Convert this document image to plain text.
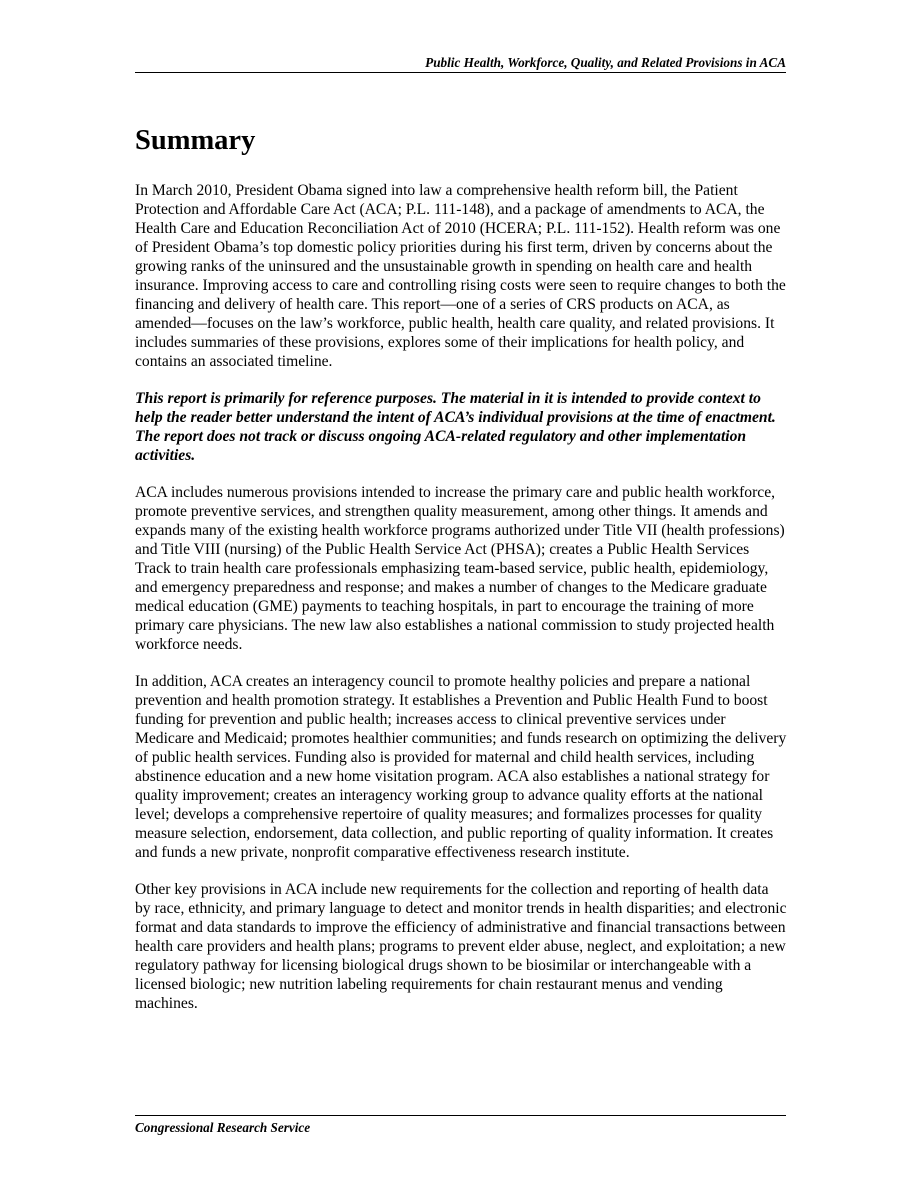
Public Health, Workforce, Quality, and Related Provisions in ACA
Summary

In March 2010, President Obama signed into law a comprehensive health reform bill, the Patient Protection and Affordable Care Act (ACA; P.L. 111-148), and a package of amendments to ACA, the Health Care and Education Reconciliation Act of 2010 (HCERA; P.L. 111-152). Health reform was one of President Obama’s top domestic policy priorities during his first term, driven by concerns about the growing ranks of the uninsured and the unsustainable growth in spending on health care and health insurance. Improving access to care and controlling rising costs were seen to require changes to both the financing and delivery of health care. This report—one of a series of CRS products on ACA, as amended—focuses on the law’s workforce, public health, health care quality, and related provisions. It includes summaries of these provisions, explores some of their implications for health policy, and contains an associated timeline.

This report is primarily for reference purposes. The material in it is intended to provide context to help the reader better understand the intent of ACA’s individual provisions at the time of enactment. The report does not track or discuss ongoing ACA-related regulatory and other implementation activities.

ACA includes numerous provisions intended to increase the primary care and public health workforce, promote preventive services, and strengthen quality measurement, among other things. It amends and expands many of the existing health workforce programs authorized under Title VII (health professions) and Title VIII (nursing) of the Public Health Service Act (PHSA); creates a Public Health Services Track to train health care professionals emphasizing team-based service, public health, epidemiology, and emergency preparedness and response; and makes a number of changes to the Medicare graduate medical education (GME) payments to teaching hospitals, in part to encourage the training of more primary care physicians. The new law also establishes a national commission to study projected health workforce needs.

In addition, ACA creates an interagency council to promote healthy policies and prepare a national prevention and health promotion strategy. It establishes a Prevention and Public Health Fund to boost funding for prevention and public health; increases access to clinical preventive services under Medicare and Medicaid; promotes healthier communities; and funds research on optimizing the delivery of public health services. Funding also is provided for maternal and child health services, including abstinence education and a new home visitation program. ACA also establishes a national strategy for quality improvement; creates an interagency working group to advance quality efforts at the national level; develops a comprehensive repertoire of quality measures; and formalizes processes for quality measure selection, endorsement, data collection, and public reporting of quality information. It creates and funds a new private, nonprofit comparative effectiveness research institute.

Other key provisions in ACA include new requirements for the collection and reporting of health data by race, ethnicity, and primary language to detect and monitor trends in health disparities; and electronic format and data standards to improve the efficiency of administrative and financial transactions between health care providers and health plans; programs to prevent elder abuse, neglect, and exploitation; a new regulatory pathway for licensing biological drugs shown to be biosimilar or interchangeable with a licensed biologic; new nutrition labeling requirements for chain restaurant menus and vending machines.

Congressional Research Service
